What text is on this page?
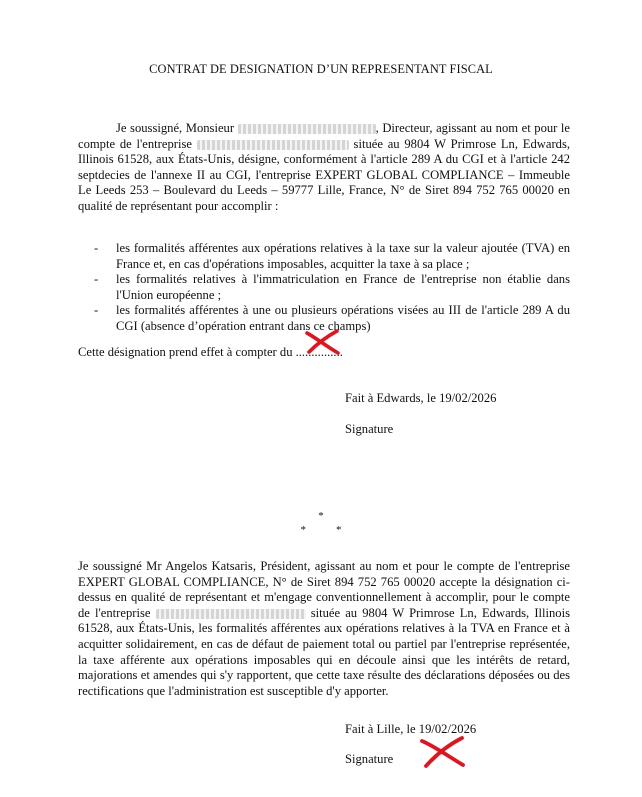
CONTRAT DE DESIGNATION D’UN REPRESENTANT FISCAL
Je soussigné, Monsieur	, Directeur, agissant au nom et pour le compte de l'entreprise	située au 9804 W Primrose Ln, Edwards, Illinois 61528, aux États-Unis, désigne, conformément à l'article 289 A du CGI et à l'article 242 septdecies de l'annexe II au CGI, l'entreprise EXPERT GLOBAL COMPLIANCE – Immeuble Le Leeds 253 – Boulevard du Leeds – 59777 Lille, France, N° de Siret 894 752 765 00020 en qualité de représentant pour accomplir :
- les formalités afférentes aux opérations relatives à la taxe sur la valeur ajoutée (TVA) en France et, en cas d'opérations imposables, acquitter la taxe à sa place ;
- les formalités relatives à l'immatriculation en France de l'entreprise non établie dans l'Union européenne ;
- les formalités afférentes à une ou plusieurs opérations visées au III de l'article 289 A du CGI (absence d’opération entrant dans ce champs)
Cette désignation prend effet à compter du ...............
Fait à Edwards, le 19/02/2026
Signature
*
*	*
Je soussigné Mr Angelos Katsaris, Président, agissant au nom et pour le compte de l'entreprise EXPERT GLOBAL COMPLIANCE, N° de Siret 894 752 765 00020 accepte la désignation ci-dessus en qualité de représentant et m'engage conventionnellement à accomplir, pour le compte de l'entreprise	située au 9804 W Primrose Ln, Edwards, Illinois 61528, aux États-Unis, les formalités afférentes aux opérations relatives à la TVA en France et à acquitter solidairement, en cas de défaut de paiement total ou partiel par l'entreprise représentée, la taxe afférente aux opérations imposables qui en découle ainsi que les intérêts de retard, majorations et amendes qui s'y rapportent, que cette taxe résulte des déclarations déposées ou des rectifications que l'administration est susceptible d'y apporter.
Fait à Lille, le 19/02/2026
Signature
